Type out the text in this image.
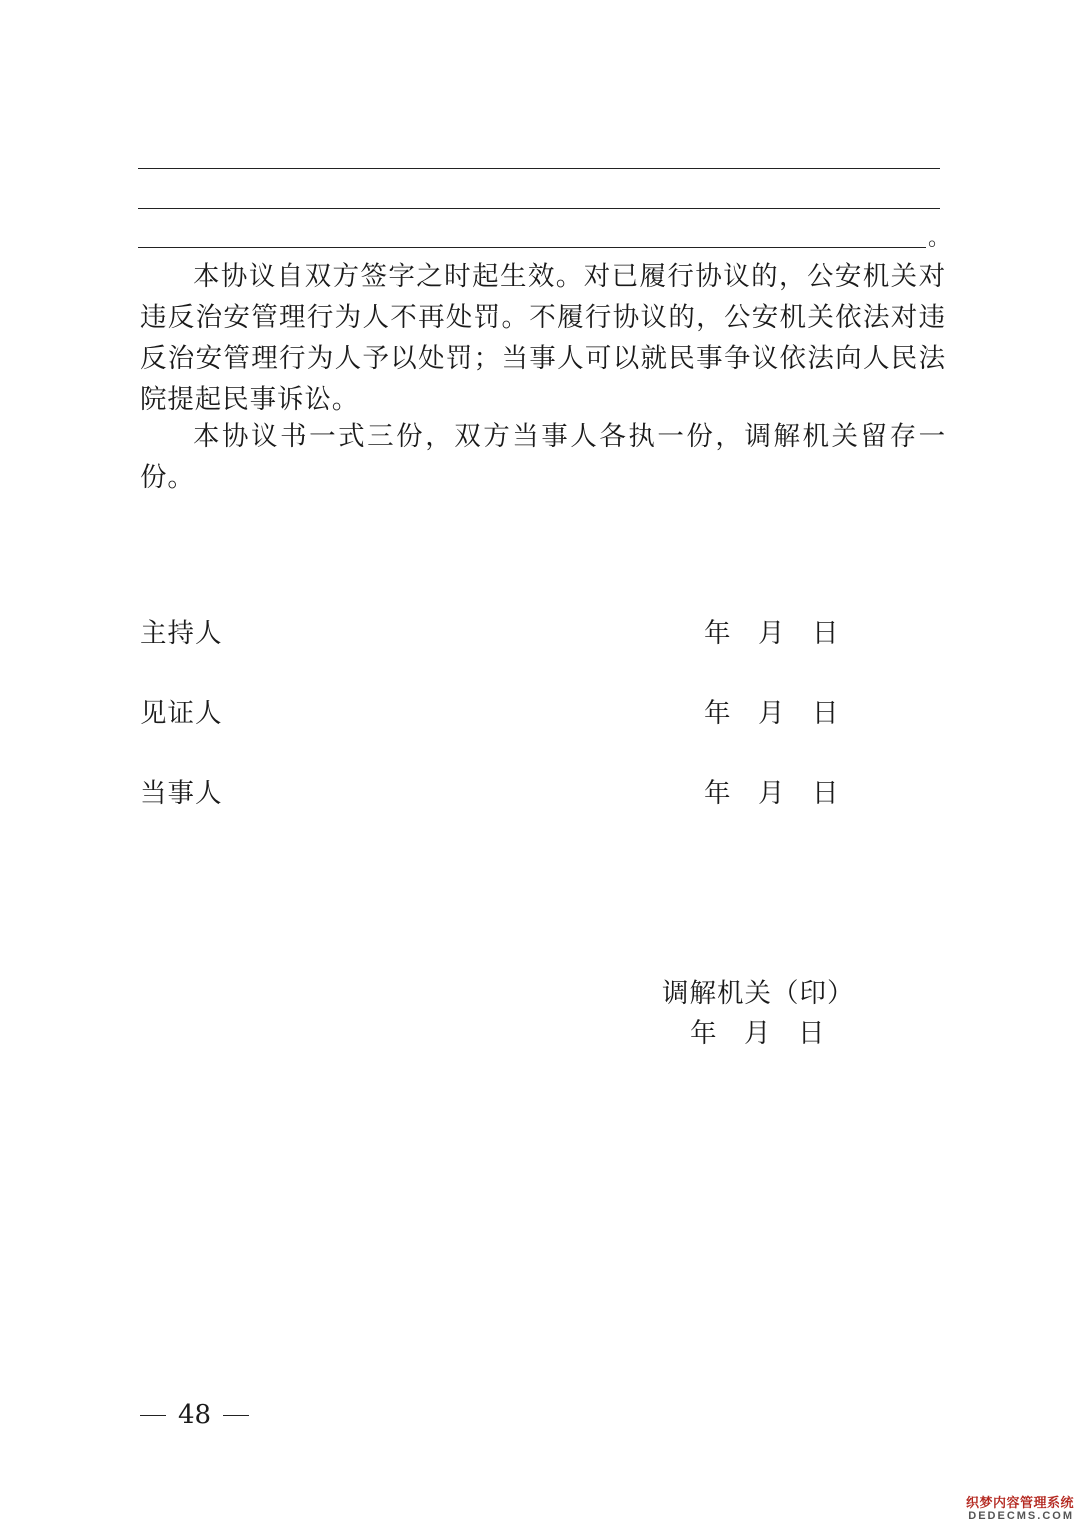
。

本协议自双方签字之时起生效。对已履行协议的，公安机关对违反治安管理行为人不再处罚。不履行协议的，公安机关依法对违反治安管理行为人予以处罚；当事人可以就民事争议依法向人民法院提起民事诉讼。

本协议书一式三份，双方当事人各执一份，调解机关留存一份。

主持人	年	月	日
见证人	年	月	日
当事人	年	月	日
调解机关（印）
年	月	日
48
织梦内容管理系统
DEDECMS.COM
